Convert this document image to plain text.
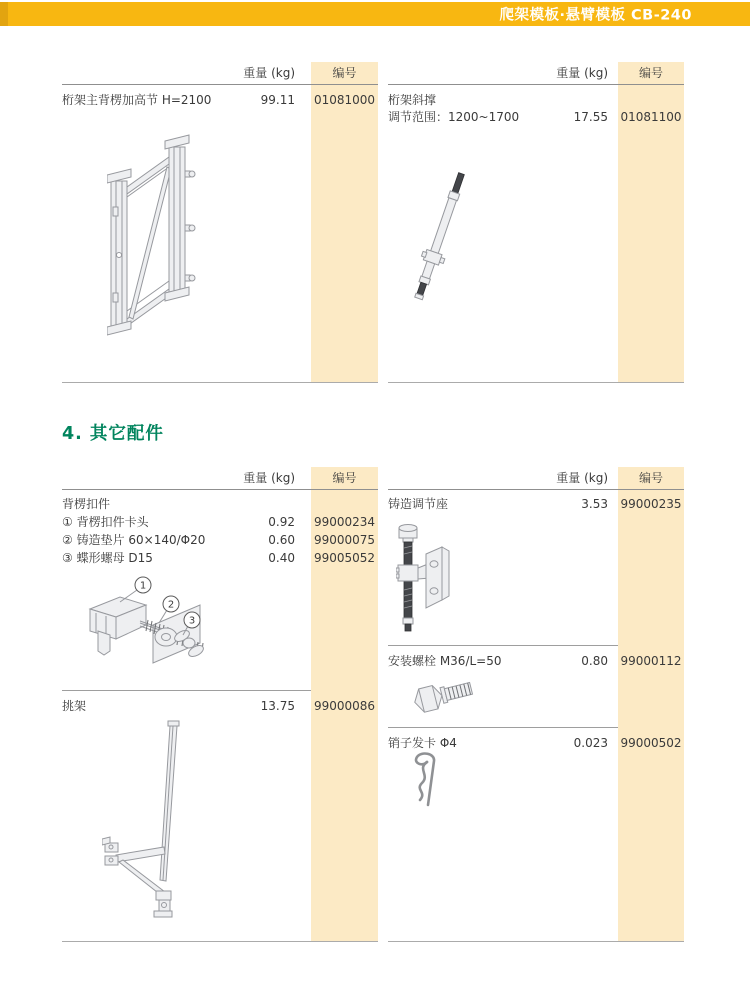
爬架模板·悬臂模板 CB-240
重量 (kg)	编号
桁架主背楞加高节 H=2100	99.11 01081000
重量 (kg)	编号
桁架斜撑
调节范围：1200~1700	17.55 01081100
4. 其它配件
重量 (kg)	编号
背楞扣件
① 背楞扣件卡头	0.92 99000234
② 铸造垫片 60×140/Φ20	0.60 99000075
③ 蝶形螺母 D15	0.40 99005052
1
2
3
挑架	13.75 99000086
重量 (kg)	编号
铸造调节座	3.53 99000235
安装螺栓 M36/L=50	0.80 99000112
销子发卡 Φ4	0.023 99000502
